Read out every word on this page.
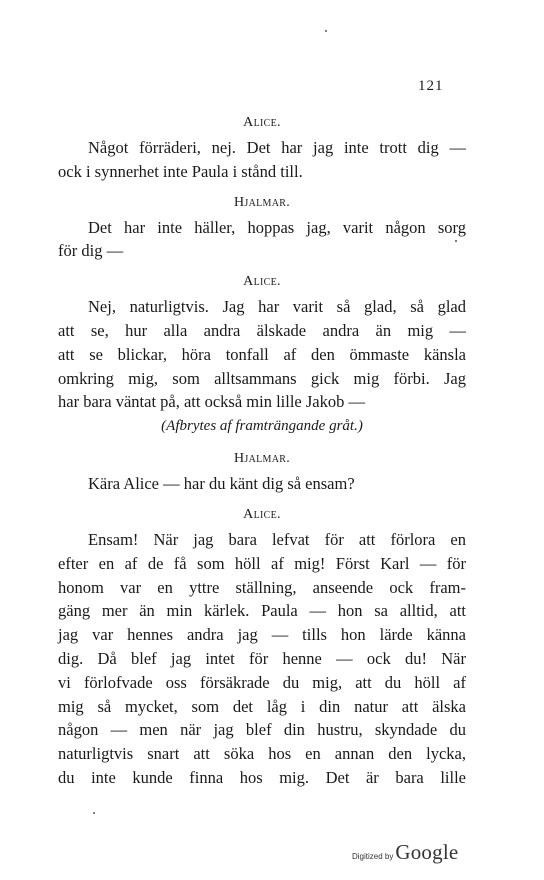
121
Alice.
Något förräderi, nej. Det har jag inte trott dig —
ock i synnerhet inte Paula i stånd till.
Hjalmar.
Det har inte häller, hoppas jag, varit någon sorg
för dig —
Alice.
Nej, naturligtvis. Jag har varit så glad, så glad
att se, hur alla andra älskade andra än mig —
att se blickar, höra tonfall af den ömmaste känsla
omkring mig, som alltsammans gick mig förbi. Jag
har bara väntat på, att också min lille Jakob —
(Afbrytes af framträngande gråt.)
Hjalmar.
Kära Alice — har du känt dig så ensam?
Alice.
Ensam! När jag bara lefvat för att förlora en
efter en af de få som höll af mig! Först Karl — för
honom var en yttre ställning, anseende ock fram-
gäng mer än min kärlek. Paula — hon sa alltid, att
jag var hennes andra jag — tills hon lärde känna
dig. Då blef jag intet för henne — ock du! När
vi förlofvade oss försäkrade du mig, att du höll af
mig så mycket, som det låg i din natur att älska
någon — men när jag blef din hustru, skyndade du
naturligtvis snart att söka hos en annan den lycka,
du inte kunde finna hos mig. Det är bara lille
Digitized by Google
